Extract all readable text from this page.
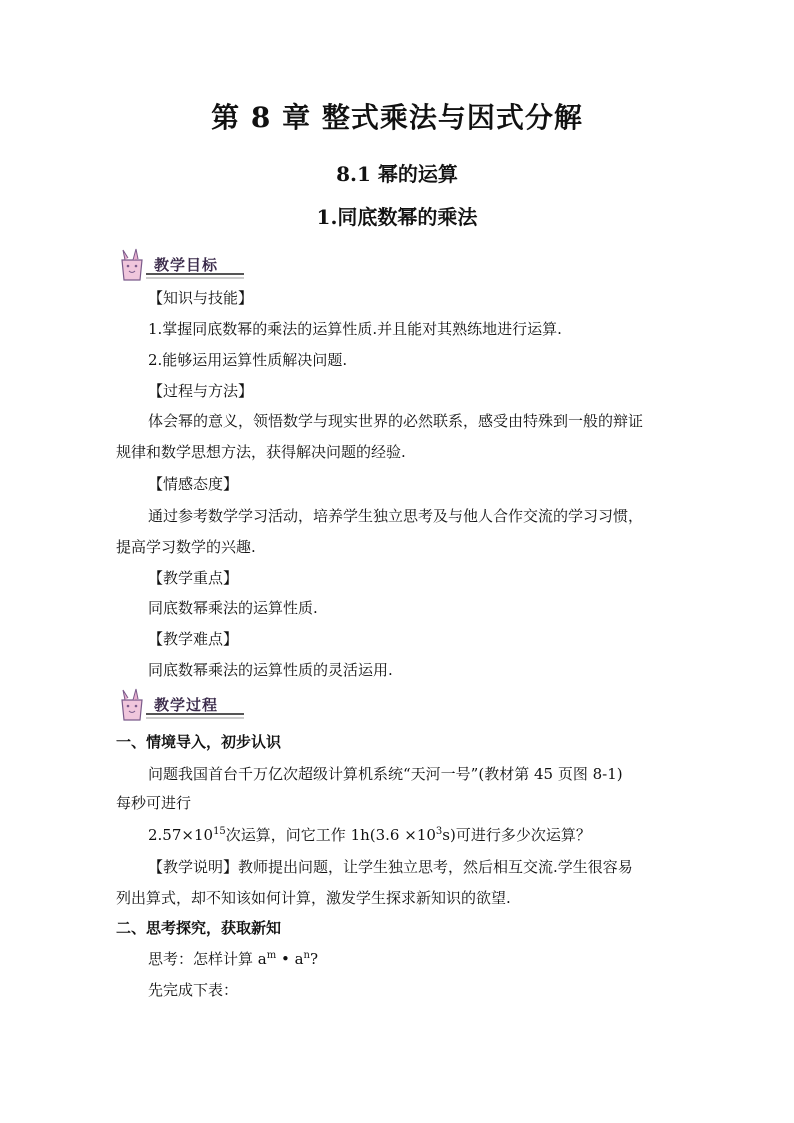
第 8 章 整式乘法与因式分解
8.1 幂的运算
1.同底数幂的乘法
教学目标
【知识与技能】
1.掌握同底数幂的乘法的运算性质.并且能对其熟练地进行运算.
2.能够运用运算性质解决问题.
【过程与方法】
体会幂的意义，领悟数学与现实世界的必然联系，感受由特殊到一般的辩证
规律和数学思想方法，获得解决问题的经验.
【情感态度】
通过参考数学学习活动，培养学生独立思考及与他人合作交流的学习习惯，
提高学习数学的兴趣.
【教学重点】
同底数幂乘法的运算性质.
【教学难点】
同底数幂乘法的运算性质的灵活运用.
教学过程
一、情境导入，初步认识
问题我国首台千万亿次超级计算机系统“天河一号”(教材第 45 页图 8-1)
每秒可进行
$2.57\times 10^{15}$次运算，问它工作 $1h(3.6 \times 10^3s)$可进行多少次运算？
【教学说明】教师提出问题，让学生独立思考，然后相互交流.学生很容易
列出算式，却不知该如何计算，激发学生探求新知识的欲望.
二、思考探究，获取新知
思考：怎样计算 $a^m$ • $a^n$?
先完成下表：
